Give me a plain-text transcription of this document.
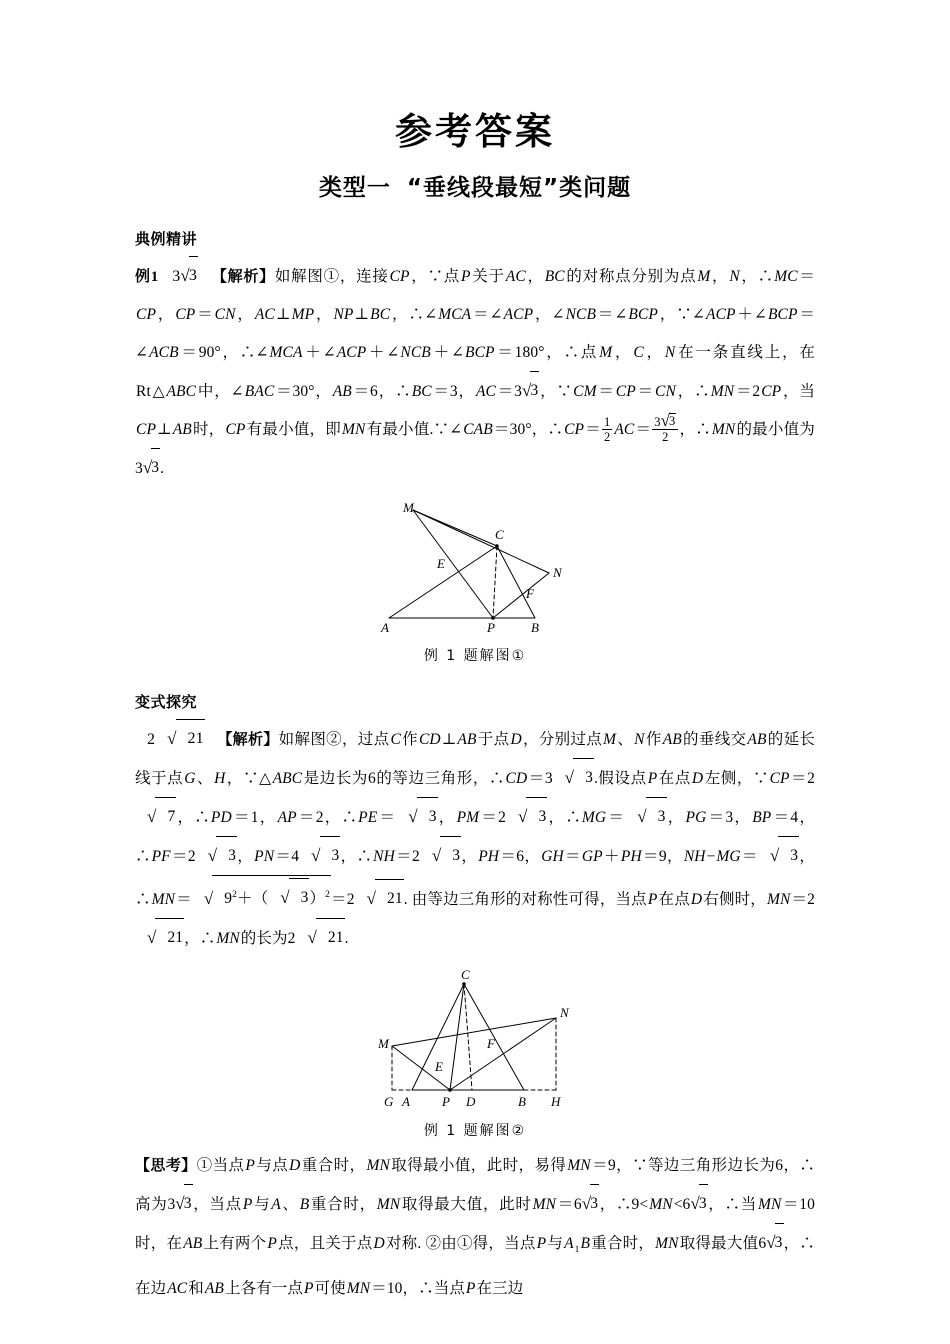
参考答案
类型一 “垂线段最短”类问题
典例精讲

例1 3√3 【解析】如解图①，连接CP，∵点P关于AC，BC的对称点分别为点M，N，∴MC＝CP，CP＝CN，AC⊥MP，NP⊥BC，∴∠MCA＝∠ACP，∠NCB＝∠BCP，∵∠ACP＋∠BCP＝∠ACB＝90°，∴∠MCA＋∠ACP＋∠NCB＋∠BCP＝180°，∴点M，C，N在一条直线上，在Rt△ABC中，∠BAC＝30°，AB＝6，∴BC＝3，AC＝3√3，∵CM＝CP＝CN，∴MN＝2CP，当CP⊥AB时，CP有最小值，即MN有最小值.∵∠CAB＝30°，∴CP＝ $\frac{1}{2} AC= \frac{3√3}{2}$ ，∴MN的最小值为3√3.

M
C
E
N
F
A	P	B
例 1 题解图①
变式探究

2 √ 21 【解析】如解图②，过点C作CD⊥AB于点D，分别过点M、N作AB的垂线交AB的延长线于点G、H，∵△ABC是边长为6的等边三角形，∴CD＝3 √ 3.假设点P在点D左侧，∵CP＝2√ 7，∴PD＝1，AP＝2，∴PE＝ √ 3，PM＝2 √ 3，∴MG＝ √ 3，PG＝3，BP＝4，∴PF＝2 √ 3，PN＝4 √ 3，∴NH＝2 √ 3，PH＝6，GH＝GP＋PH＝9，NH−MG＝ √ 3，∴MN＝ √ $9^2+$（ √ 3）$^2$＝2 √ 21. 由等边三角形的对称性可得，当点P在点D右侧时，MN＝2√ 21，∴MN的长为2 √ 21.

C
N
M	F
E
G A P D	B H
例 1 题解图②

【思考】①当点P与点D重合时，MN取得最小值，此时，易得MN＝9，∵等边三角形边长为6，∴高为3√3，当点P与A、B重合时，MN取得最大值，此时MN＝6√3，∴9<MN<6√3，∴当MN＝10时，在AB上有两个P点，且关于点D对称. ②由①得，当点P与$A_1B$重合时，MN取得最大值6√3，∴在边AC和AB上各有一点P可使MN＝10，∴当点P在三边
